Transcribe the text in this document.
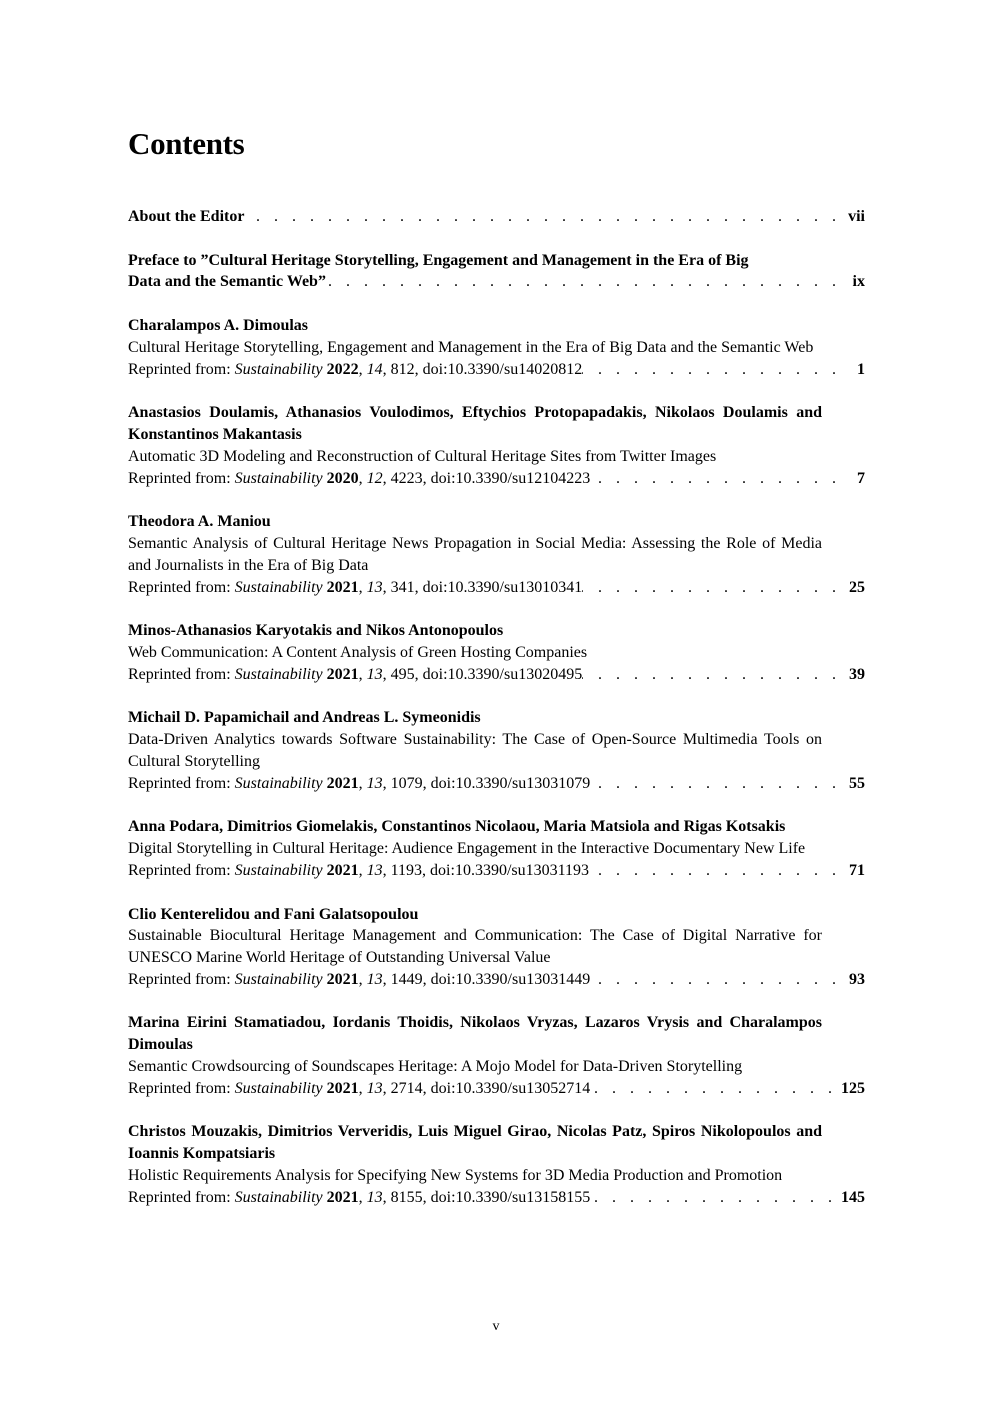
Contents
About the Editor . . .	vii
Preface to ”Cultural Heritage Storytelling, Engagement and Management in the Era of Big
Data and the Semantic Web” . . .	ix
Charalampos A. Dimoulas
Cultural Heritage Storytelling, Engagement and Management in the Era of Big Data and the Semantic Web
Reprinted from: Sustainability 2022, 14, 812, doi:10.3390/su14020812 . . .	1
Anastasios Doulamis, Athanasios Voulodimos, Eftychios Protopapadakis, Nikolaos Doulamis and Konstantinos Makantasis
Automatic 3D Modeling and Reconstruction of Cultural Heritage Sites from Twitter Images
Reprinted from: Sustainability 2020, 12, 4223, doi:10.3390/su12104223 . . .	7
Theodora A. Maniou
Semantic Analysis of Cultural Heritage News Propagation in Social Media: Assessing the Role of Media and Journalists in the Era of Big Data
Reprinted from: Sustainability 2021, 13, 341, doi:10.3390/su13010341 . . .	25
Minos-Athanasios Karyotakis and Nikos Antonopoulos
Web Communication: A Content Analysis of Green Hosting Companies
Reprinted from: Sustainability 2021, 13, 495, doi:10.3390/su13020495 . . .	39
Michail D. Papamichail and Andreas L. Symeonidis
Data-Driven Analytics towards Software Sustainability: The Case of Open-Source Multimedia Tools on Cultural Storytelling
Reprinted from: Sustainability 2021, 13, 1079, doi:10.3390/su13031079 . . .	55
Anna Podara, Dimitrios Giomelakis, Constantinos Nicolaou, Maria Matsiola and Rigas Kotsakis
Digital Storytelling in Cultural Heritage: Audience Engagement in the Interactive Documentary New Life
Reprinted from: Sustainability 2021, 13, 1193, doi:10.3390/su13031193 . . .	71
Clio Kenterelidou and Fani Galatsopoulou
Sustainable Biocultural Heritage Management and Communication: The Case of Digital Narrative for UNESCO Marine World Heritage of Outstanding Universal Value
Reprinted from: Sustainability 2021, 13, 1449, doi:10.3390/su13031449 . . .	93
Marina Eirini Stamatiadou, Iordanis Thoidis, Nikolaos Vryzas, Lazaros Vrysis and Charalampos Dimoulas
Semantic Crowdsourcing of Soundscapes Heritage: A Mojo Model for Data-Driven Storytelling
Reprinted from: Sustainability 2021, 13, 2714, doi:10.3390/su13052714 . . .	125
Christos Mouzakis, Dimitrios Ververidis, Luis Miguel Girao, Nicolas Patz, Spiros Nikolopoulos and Ioannis Kompatsiaris
Holistic Requirements Analysis for Specifying New Systems for 3D Media Production and Promotion
Reprinted from: Sustainability 2021, 13, 8155, doi:10.3390/su13158155 . . .	145
v
